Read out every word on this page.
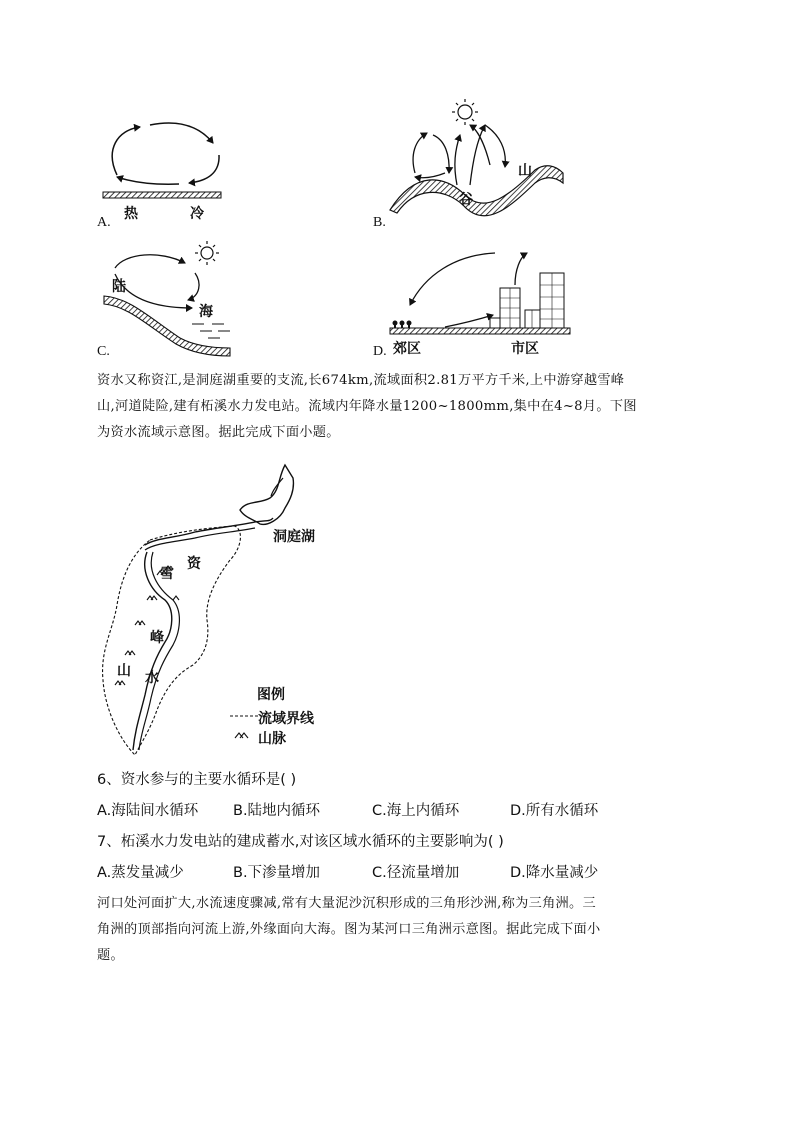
A.
热	冷
B.
山
谷
C.
陆
海
D. 郊区	市区
资水又称资江,是洞庭湖重要的支流,长674km,流域面积2.81万平方千米,上中游穿越雪峰
山,河道陡险,建有柘溪水力发电站。流域内年降水量1200~1800mm,集中在4~8月。下图
为资水流域示意图。据此完成下面小题。
洞庭湖
资
水
雪
峰
山
图例
流域界线
山脉
6、资水参与的主要水循环是( )
A.海陆间水循环 B.陆地内循环	C.海上内循环	D.所有水循环
7、柘溪水力发电站的建成蓄水,对该区域水循环的主要影响为( )
A.蒸发量减少	B.下渗量增加	C.径流量增加	D.降水量减少
河口处河面扩大,水流速度骤减,常有大量泥沙沉积形成的三角形沙洲,称为三角洲。三
角洲的顶部指向河流上游,外缘面向大海。图为某河口三角洲示意图。据此完成下面小
题。
